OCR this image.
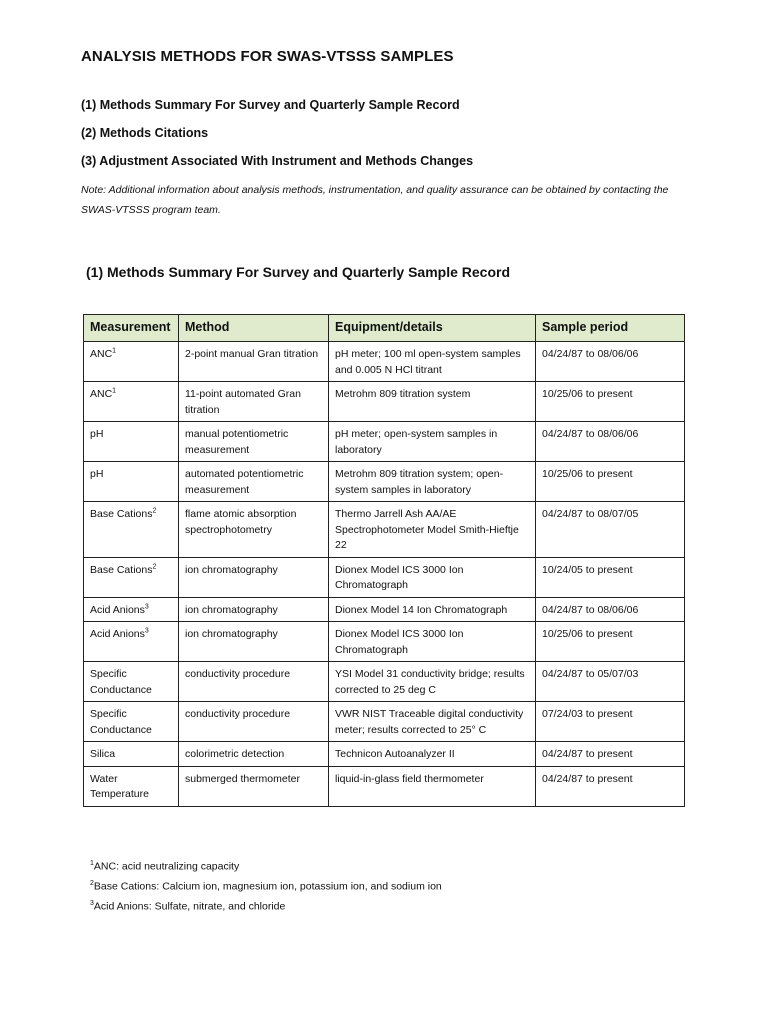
ANALYSIS METHODS FOR SWAS-VTSSS SAMPLES
(1) Methods Summary For Survey and Quarterly Sample Record
(2) Methods Citations
(3) Adjustment Associated With Instrument and Methods Changes
Note: Additional information about analysis methods, instrumentation, and quality assurance can be obtained by contacting the SWAS-VTSSS program team.
(1) Methods Summary For Survey and Quarterly Sample Record
Measurement	Method	Equipment/details	Sample period
ANC$^1$	2-point manual Gran titration	pH meter; 100 ml open-system samples and 0.005 N HCl titrant	04/24/87 to 08/06/06
ANC$^1$	11-point automated Gran titration	Metrohm 809 titration system	10/25/06 to present
pH	manual potentiometric measurement	pH meter; open-system samples in laboratory	04/24/87 to 08/06/06
pH	automated potentiometric measurement	Metrohm 809 titration system; open-system samples in laboratory	10/25/06 to present
Base Cations$^2$	flame atomic absorption spectrophotometry	Thermo Jarrell Ash AA/AE Spectrophotometer Model Smith-Hieftje 22	04/24/87 to 08/07/05
Base Cations$^2$	ion chromatography	Dionex Model ICS 3000 Ion Chromatograph	10/24/05 to present
Acid Anions$^3$	ion chromatography	Dionex Model 14 Ion Chromatograph	04/24/87 to 08/06/06
Acid Anions$^3$	ion chromatography	Dionex Model ICS 3000 Ion Chromatograph	10/25/06 to present
Specific Conductance	conductivity procedure	YSI Model 31 conductivity bridge; results corrected to 25 deg C	04/24/87 to 05/07/03
Specific Conductance	conductivity procedure	VWR NIST Traceable digital conductivity meter; results corrected to 25° C	07/24/03 to present
Silica	colorimetric detection	Technicon Autoanalyzer II	04/24/87 to present
Water Temperature	submerged thermometer	liquid-in-glass field thermometer	04/24/87 to present
$^1$ANC: acid neutralizing capacity
$^2$Base Cations: Calcium ion, magnesium ion, potassium ion, and sodium ion
$^3$Acid Anions: Sulfate, nitrate, and chloride
